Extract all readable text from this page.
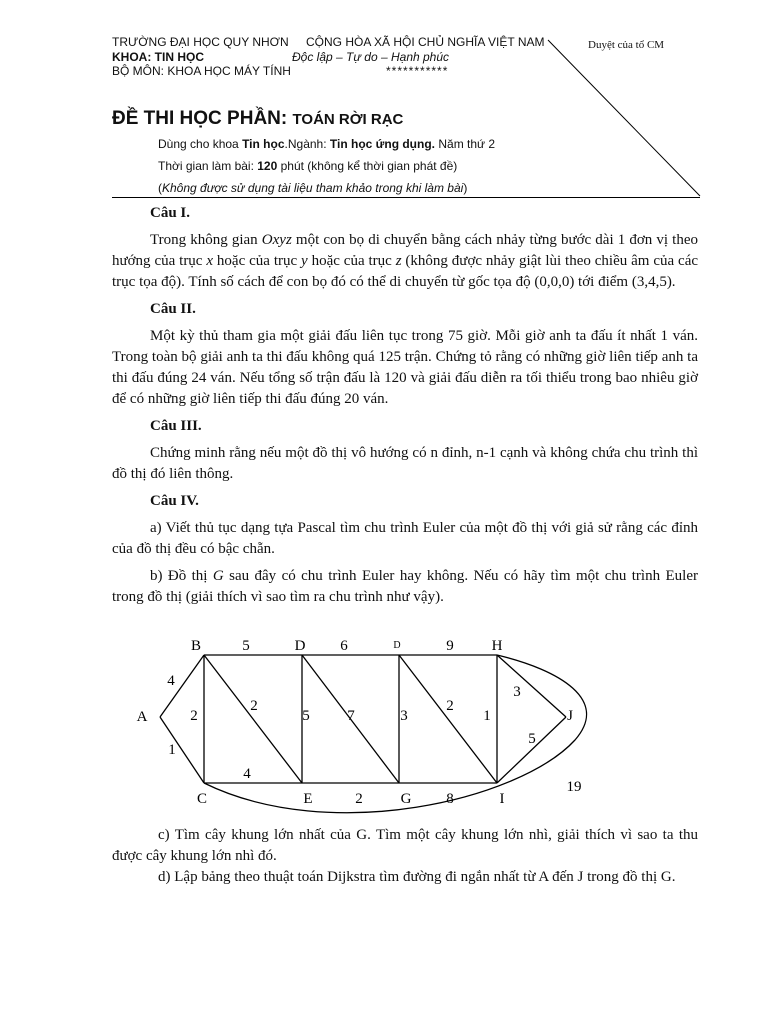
TRƯỜNG ĐẠI HỌC QUY NHƠN
KHOA: TIN HỌC
BỘ MÔN: KHOA HỌC MÁY TÍNH
CỘNG HÒA XÃ HỘI CHỦ NGHĨA VIỆT NAM
Độc lập – Tự do – Hạnh phúc
***********
Duyệt của tổ CM
ĐỀ THI HỌC PHẦN: TOÁN RỜI RẠC
Dùng cho khoa Tin học.Ngành: Tin học ứng dụng. Năm thứ 2
Thời gian làm bài: 120 phút (không kể thời gian phát đề)
(Không được sử dụng tài liệu tham khảo trong khi làm bài)
Câu I.
Trong không gian Oxyz một con bọ di chuyển bằng cách nhảy từng bước dài 1 đơn vị theo hướng của trục x hoặc của trục y hoặc của trục z (không được nhảy giật lùi theo chiều âm của các trục tọa độ). Tính số cách để con bọ đó có thể di chuyển từ gốc tọa độ (0,0,0) tới điểm (3,4,5).
Câu II.
Một kỳ thủ tham gia một giải đấu liên tục trong 75 giờ. Mỗi giờ anh ta đấu ít nhất 1 ván. Trong toàn bộ giải anh ta thi đấu không quá 125 trận. Chứng tỏ rằng có những giờ liên tiếp anh ta thi đấu đúng 24 ván. Nếu tổng số trận đấu là 120 và giải đấu diễn ra tối thiểu trong bao nhiêu giờ để có những giờ liên tiếp thi đấu đúng 20 ván.
Câu III.
Chứng minh rằng nếu một đồ thị vô hướng có n đỉnh, n-1 cạnh và không chứa chu trình thì đồ thị đó liên thông.
Câu IV.
a) Viết thủ tục dạng tựa Pascal tìm chu trình Euler của một đồ thị với giả sử rằng các đỉnh của đồ thị đều có bậc chẵn.
b) Đồ thị G sau đây có chu trình Euler hay không. Nếu có hãy tìm một chu trình Euler trong đồ thị (giải thích vì sao tìm ra chu trình như vậy).
4
1
2
5
2
4
5
6
7
2
3
9
2
8
1
3
5
19
A
B
C
D
E
D
G
H
I
J
c) Tìm cây khung lớn nhất của G. Tìm một cây khung lớn nhì, giải thích vì sao ta thu được cây khung lớn nhì đó.
d) Lập bảng theo thuật toán Dijkstra tìm đường đi ngắn nhất từ A đến J trong đồ thị G.
